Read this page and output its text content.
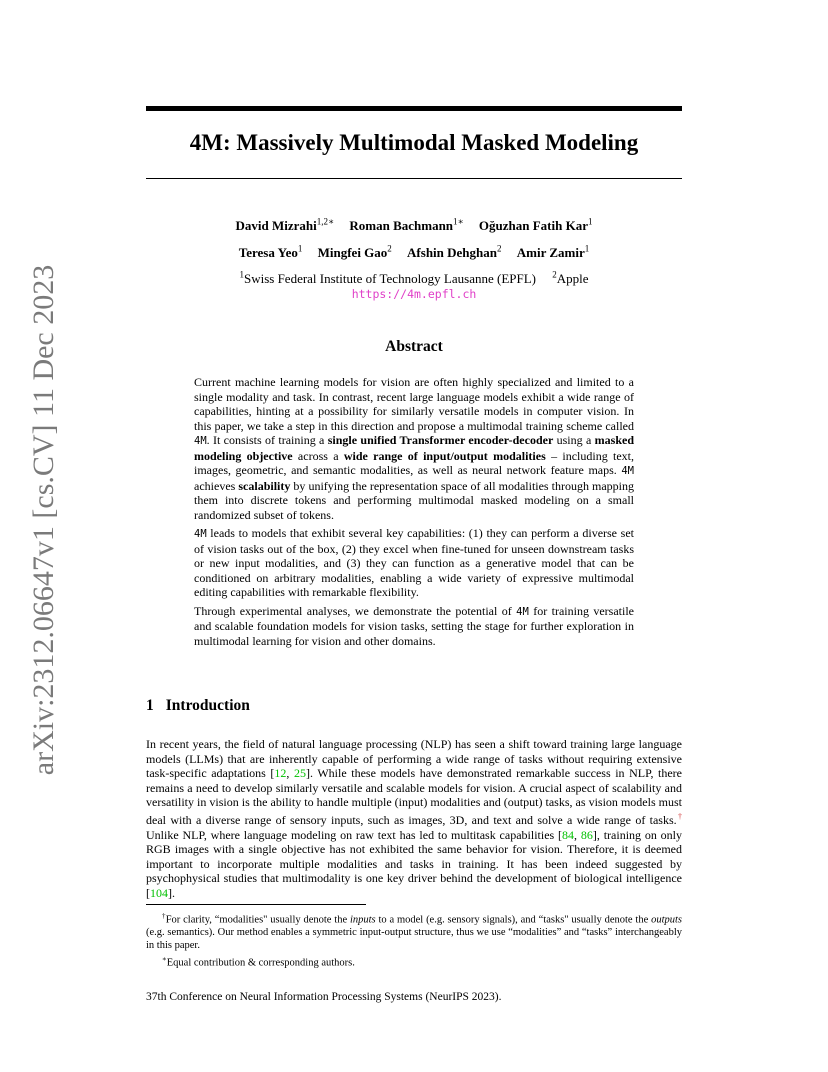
arXiv:2312.06647v1 [cs.CV] 11 Dec 2023
4M: Massively Multimodal Masked Modeling
David Mizrahi$^{1,2∗}$ Roman Bachmann$^{1∗}$ Oğuzhan Fatih Kar$^1$
Teresa Yeo$^1$ Mingfei Gao$^2$ Afshin Dehghan$^2$ Amir Zamir$^1$
$^1$Swiss Federal Institute of Technology Lausanne (EPFL) $^2$Apple
https://4m.epfl.ch
Abstract

Current machine learning models for vision are often highly specialized and limited to a single modality and task. In contrast, recent large language models exhibit a wide range of capabilities, hinting at a possibility for similarly versatile models in computer vision. In this paper, we take a step in this direction and propose a multimodal training scheme called 4M. It consists of training a single unified Transformer encoder-decoder using a masked modeling objective across a wide range of input/output modalities – including text, images, geometric, and semantic modalities, as well as neural network feature maps. 4M achieves scalability by unifying the representation space of all modalities through mapping them into discrete tokens and performing multimodal masked modeling on a small randomized subset of tokens.

4M leads to models that exhibit several key capabilities: (1) they can perform a diverse set of vision tasks out of the box, (2) they excel when fine-tuned for unseen downstream tasks or new input modalities, and (3) they can function as a generative model that can be conditioned on arbitrary modalities, enabling a wide variety of expressive multimodal editing capabilities with remarkable flexibility.

Through experimental analyses, we demonstrate the potential of 4M for training versatile and scalable foundation models for vision tasks, setting the stage for further exploration in multimodal learning for vision and other domains.

1 Introduction

In recent years, the field of natural language processing (NLP) has seen a shift toward training large language models (LLMs) that are inherently capable of performing a wide range of tasks without requiring extensive task-specific adaptations [12, 25]. While these models have demonstrated remarkable success in NLP, there remains a need to develop similarly versatile and scalable models for vision. A crucial aspect of scalability and versatility in vision is the ability to handle multiple (input) modalities and (output) tasks, as vision models must deal with a diverse range of sensory inputs, such as images, 3D, and text and solve a wide range of tasks.† Unlike NLP, where language modeling on raw text has led to multitask capabilities [84, 86], training on only RGB images with a single objective has not exhibited the same behavior for vision. Therefore, it is deemed important to incorporate multiple modalities and tasks in training. It has been indeed suggested by psychophysical studies that multimodality is one key driver behind the development of biological intelligence [104].

†For clarity, “modalities" usually denote the inputs to a model (e.g. sensory signals), and “tasks" usually denote the outputs (e.g. semantics). Our method enables a symmetric input-output structure, thus we use “modalities” and “tasks” interchangeably in this paper.

∗Equal contribution & corresponding authors.

37th Conference on Neural Information Processing Systems (NeurIPS 2023).
